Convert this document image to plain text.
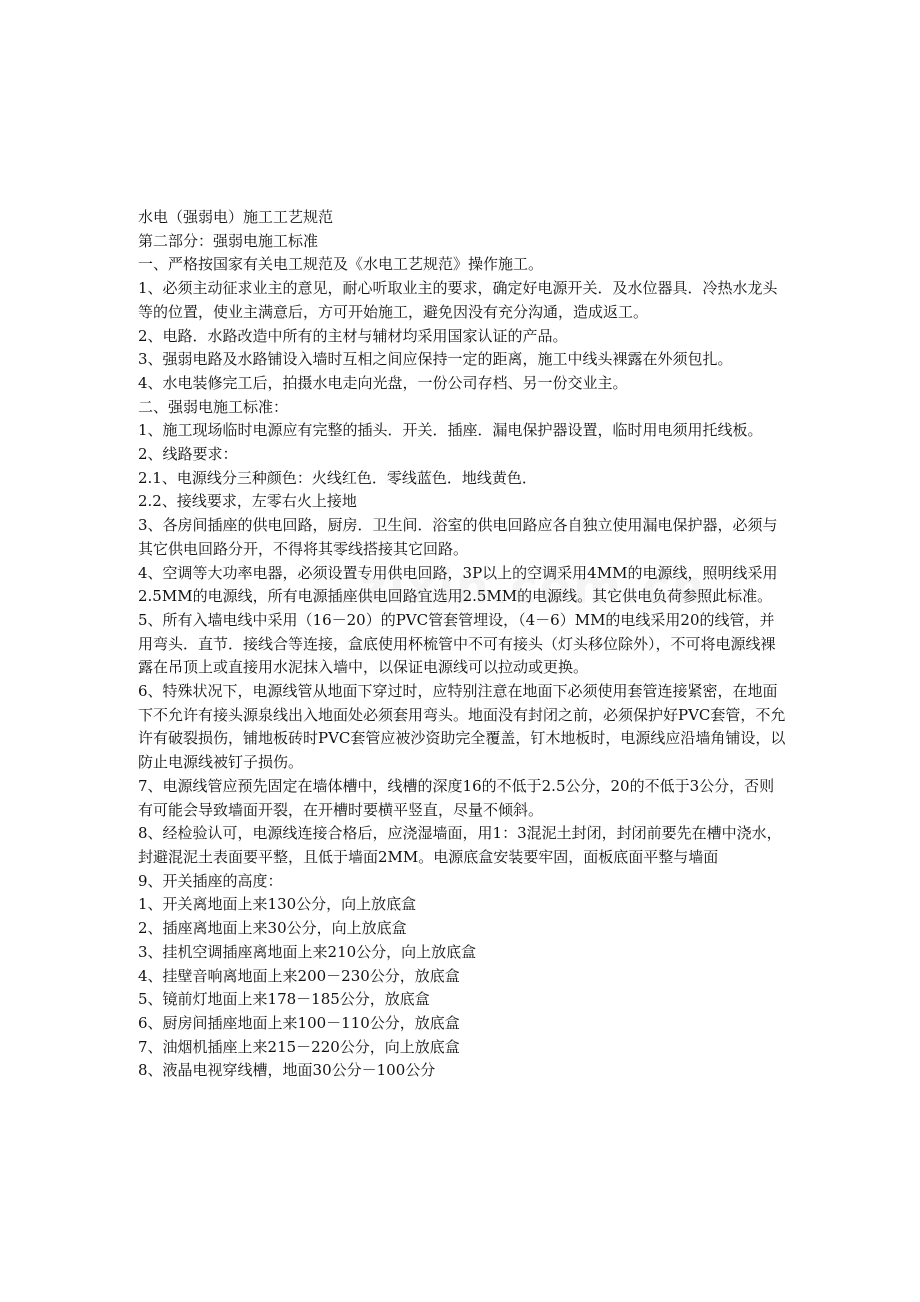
水电（强弱电）施工工艺规范

第二部分：强弱电施工标准

一、严格按国家有关电工规范及《水电工艺规范》操作施工。

1、必须主动征求业主的意见，耐心听取业主的要求，确定好电源开关．及水位器具．冷热水龙头等的位置，使业主满意后，方可开始施工，避免因没有充分沟通，造成返工。

2、电路．水路改造中所有的主材与辅材均采用国家认证的产品。

3、强弱电路及水路铺设入墙时互相之间应保持一定的距离，施工中线头裸露在外须包扎。

4、水电装修完工后，拍摄水电走向光盘，一份公司存档、另一份交业主。

二、强弱电施工标准：

1、施工现场临时电源应有完整的插头．开关．插座．漏电保护器设置，临时用电须用托线板。

2、线路要求：

2.1、电源线分三种颜色：火线红色．零线蓝色．地线黄色．

2.2、接线要求，左零右火上接地

3、各房间插座的供电回路，厨房．卫生间．浴室的供电回路应各自独立使用漏电保护器，必须与其它供电回路分开，不得将其零线搭接其它回路。

4、空调等大功率电器，必须设置专用供电回路，3P以上的空调采用4MM的电源线，照明线采用2.5MM的电源线，所有电源插座供电回路宜选用2.5MM的电源线。其它供电负荷参照此标准。

5、所有入墙电线中采用（16－20）的PVC管套管埋设，（4－6）MM的电线采用20的线管，并用弯头．直节．接线合等连接，盒底使用杯梳管中不可有接头（灯头移位除外），不可将电源线裸露在吊顶上或直接用水泥抹入墙中，以保证电源线可以拉动或更换。

6、特殊状况下，电源线管从地面下穿过时，应特别注意在地面下必须使用套管连接紧密，在地面下不允许有接头源泉线出入地面处必须套用弯头。地面没有封闭之前，必须保护好PVC套管，不允许有破裂损伤，铺地板砖时PVC套管应被沙资助完全覆盖，钉木地板时，电源线应沿墙角铺设，以防止电源线被钉子损伤。

7、电源线管应预先固定在墙体槽中，线槽的深度16的不低于2.5公分，20的不低于3公分，否则有可能会导致墙面开裂，在开槽时要横平竖直，尽量不倾斜。

8、经检验认可，电源线连接合格后，应浇湿墙面，用1：3混泥土封闭，封闭前要先在槽中浇水，封避混泥土表面要平整，且低于墙面2MM。电源底盒安装要牢固，面板底面平整与墙面

9、开关插座的高度：

1、开关离地面上来130公分，向上放底盒

2、插座离地面上来30公分，向上放底盒

3、挂机空调插座离地面上来210公分，向上放底盒

4、挂壁音响离地面上来200－230公分，放底盒

5、镜前灯地面上来178－185公分，放底盒

6、厨房间插座地面上来100－110公分，放底盒

7、油烟机插座上来215－220公分，向上放底盒

8、液晶电视穿线槽，地面30公分－100公分
